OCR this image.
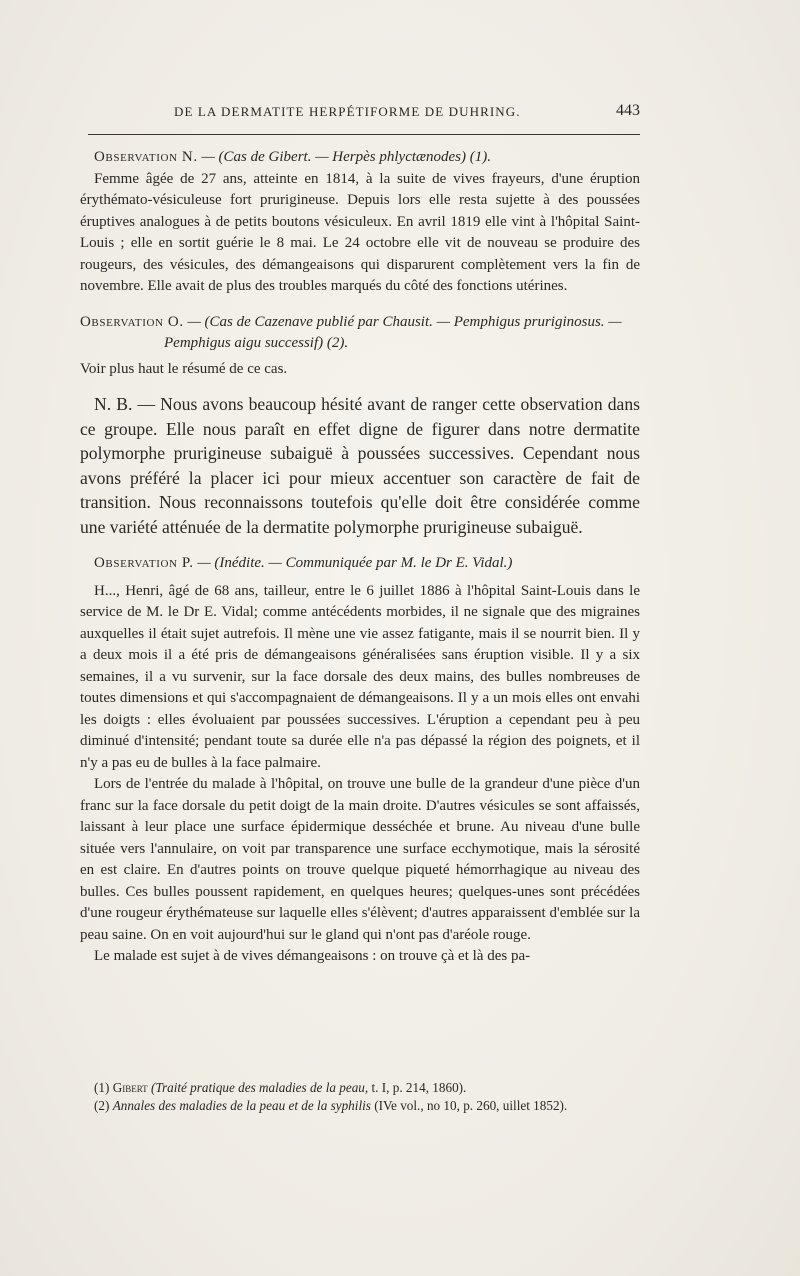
DE LA DERMATITE HERPÉTIFORME DE DUHRING.	443

Observation N. — (Cas de Gibert. — Herpès phlyctænodes) (1).

Femme âgée de 27 ans, atteinte en 1814, à la suite de vives frayeurs, d'une éruption érythémato-vésiculeuse fort prurigineuse. Depuis lors elle resta sujette à des poussées éruptives analogues à de petits boutons vésiculeux. En avril 1819 elle vint à l'hôpital Saint-Louis ; elle en sortit guérie le 8 mai. Le 24 octobre elle vit de nouveau se produire des rougeurs, des vésicules, des démangeaisons qui disparurent complètement vers la fin de novembre. Elle avait de plus des troubles marqués du côté des fonctions utérines.

Observation O. — (Cas de Cazenave publié par Chausit. — Pemphigus pruriginosus. — Pemphigus aigu successif) (2).

Voir plus haut le résumé de ce cas.

N. B. — Nous avons beaucoup hésité avant de ranger cette observation dans ce groupe. Elle nous paraît en effet digne de figurer dans notre dermatite polymorphe prurigineuse subaiguë à poussées successives. Cependant nous avons préféré la placer ici pour mieux accentuer son caractère de fait de transition. Nous reconnaissons toutefois qu'elle doit être considérée comme une variété atténuée de la dermatite polymorphe prurigineuse subaiguë.

Observation P. — (Inédite. — Communiquée par M. le Dr E. Vidal.)

H..., Henri, âgé de 68 ans, tailleur, entre le 6 juillet 1886 à l'hôpital Saint-Louis dans le service de M. le Dr E. Vidal; comme antécédents morbides, il ne signale que des migraines auxquelles il était sujet autrefois. Il mène une vie assez fatigante, mais il se nourrit bien. Il y a deux mois il a été pris de démangeaisons généralisées sans éruption visible. Il y a six semaines, il a vu survenir, sur la face dorsale des deux mains, des bulles nombreuses de toutes dimensions et qui s'accompagnaient de démangeaisons. Il y a un mois elles ont envahi les doigts : elles évoluaient par poussées successives. L'éruption a cependant peu à peu diminué d'intensité; pendant toute sa durée elle n'a pas dépassé la région des poignets, et il n'y a pas eu de bulles à la face palmaire.

Lors de l'entrée du malade à l'hôpital, on trouve une bulle de la grandeur d'une pièce d'un franc sur la face dorsale du petit doigt de la main droite. D'autres vésicules se sont affaissés, laissant à leur place une surface épidermique desséchée et brune. Au niveau d'une bulle située vers l'annulaire, on voit par transparence une surface ecchymotique, mais la sérosité en est claire. En d'autres points on trouve quelque piqueté hémorrhagique au niveau des bulles. Ces bulles poussent rapidement, en quelques heures; quelques-unes sont précédées d'une rougeur érythémateuse sur laquelle elles s'élèvent; d'autres apparaissent d'emblée sur la peau saine. On en voit aujourd'hui sur le gland qui n'ont pas d'aréole rouge.

Le malade est sujet à de vives démangeaisons : on trouve çà et là des pa-

(1) Gibert (Traité pratique des maladies de la peau, t. I, p. 214, 1860).

(2) Annales des maladies de la peau et de la syphilis (IVe vol., no 10, p. 260, uillet 1852).
